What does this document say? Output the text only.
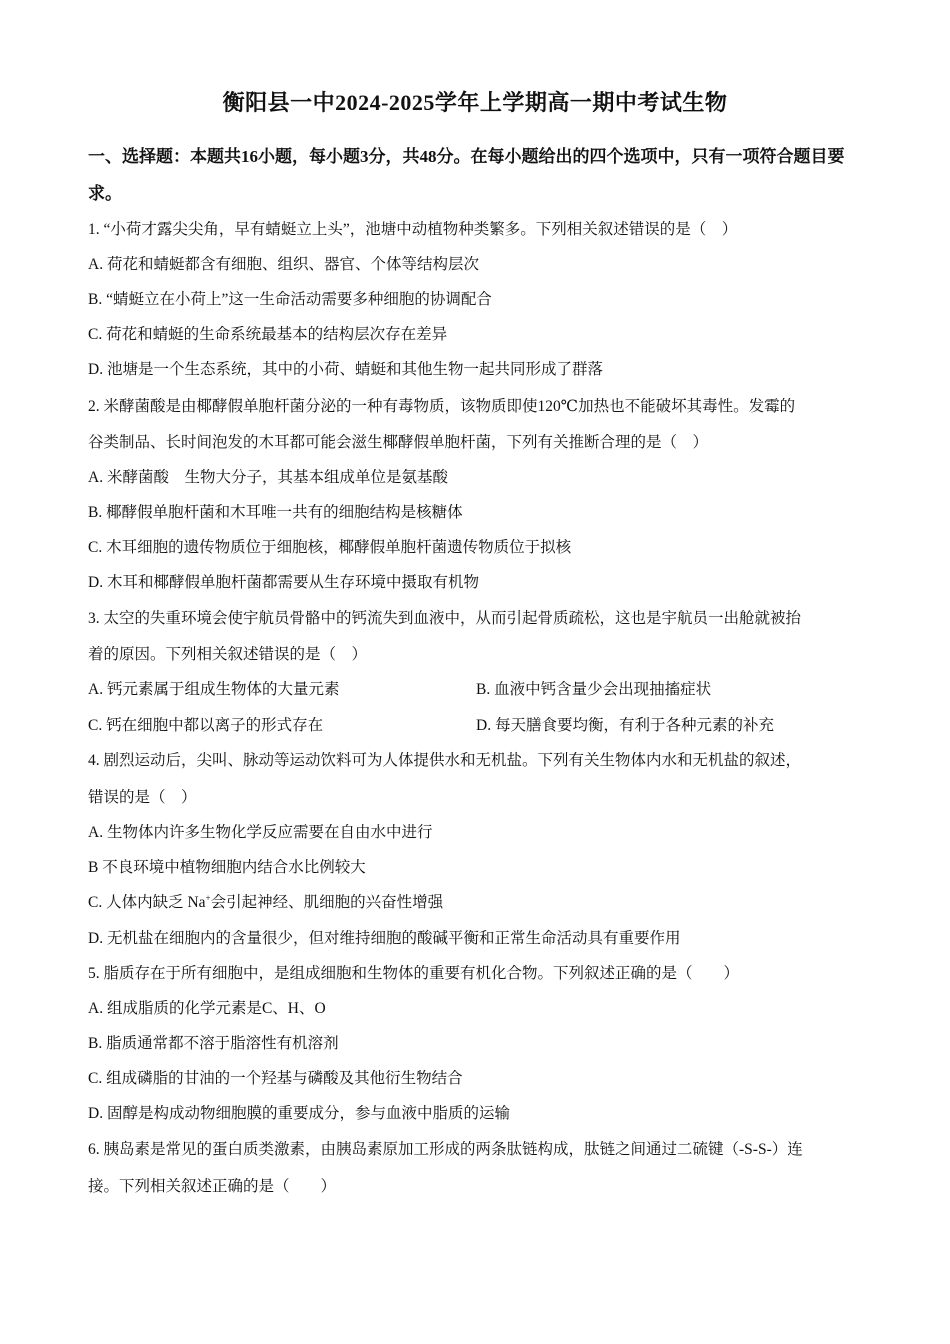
衡阳县一中2024-2025学年上学期高一期中考试生物
一、选择题：本题共16小题，每小题3分，共48分。在每小题给出的四个选项中，只有一项符合题目要求。
1. “小荷才露尖尖角，早有蜻蜓立上头”，池塘中动植物种类繁多。下列相关叙述错误的是（　）
A. 荷花和蜻蜓都含有细胞、组织、器官、个体等结构层次
B. “蜻蜓立在小荷上”这一生命活动需要多种细胞的协调配合
C. 荷花和蜻蜓的生命系统最基本的结构层次存在差异
D. 池塘是一个生态系统，其中的小荷、蜻蜓和其他生物一起共同形成了群落
2. 米酵菌酸是由椰酵假单胞杆菌分泌的一种有毒物质，该物质即使120℃加热也不能破坏其毒性。发霉的
谷类制品、长时间泡发的木耳都可能会滋生椰酵假单胞杆菌，下列有关推断合理的是（　）
A. 米酵菌酸　生物大分子，其基本组成单位是氨基酸
B. 椰酵假单胞杆菌和木耳唯一共有的细胞结构是核糖体
C. 木耳细胞的遗传物质位于细胞核，椰酵假单胞杆菌遗传物质位于拟核
D. 木耳和椰酵假单胞杆菌都需要从生存环境中摄取有机物
3. 太空的失重环境会使宇航员骨骼中的钙流失到血液中，从而引起骨质疏松，这也是宇航员一出舱就被抬
着的原因。下列相关叙述错误的是（　）
A. 钙元素属于组成生物体的大量元素	B. 血液中钙含量少会出现抽搐症状
C. 钙在细胞中都以离子的形式存在	D. 每天膳食要均衡，有利于各种元素的补充
4. 剧烈运动后，尖叫、脉动等运动饮料可为人体提供水和无机盐。下列有关生物体内水和无机盐的叙述，
错误的是（　）
A. 生物体内许多生物化学反应需要在自由水中进行
B 不良环境中植物细胞内结合水比例较大
C. 人体内缺乏 Na+会引起神经、肌细胞的兴奋性增强
D. 无机盐在细胞内的含量很少，但对维持细胞的酸碱平衡和正常生命活动具有重要作用
5. 脂质存在于所有细胞中，是组成细胞和生物体的重要有机化合物。下列叙述正确的是（　　）
A. 组成脂质的化学元素是C、H、O
B. 脂质通常都不溶于脂溶性有机溶剂
C. 组成磷脂的甘油的一个羟基与磷酸及其他衍生物结合
D. 固醇是构成动物细胞膜的重要成分，参与血液中脂质的运输
6. 胰岛素是常见的蛋白质类激素，由胰岛素原加工形成的两条肽链构成，肽链之间通过二硫键（-S-S-）连
接。下列相关叙述正确的是（　　）
